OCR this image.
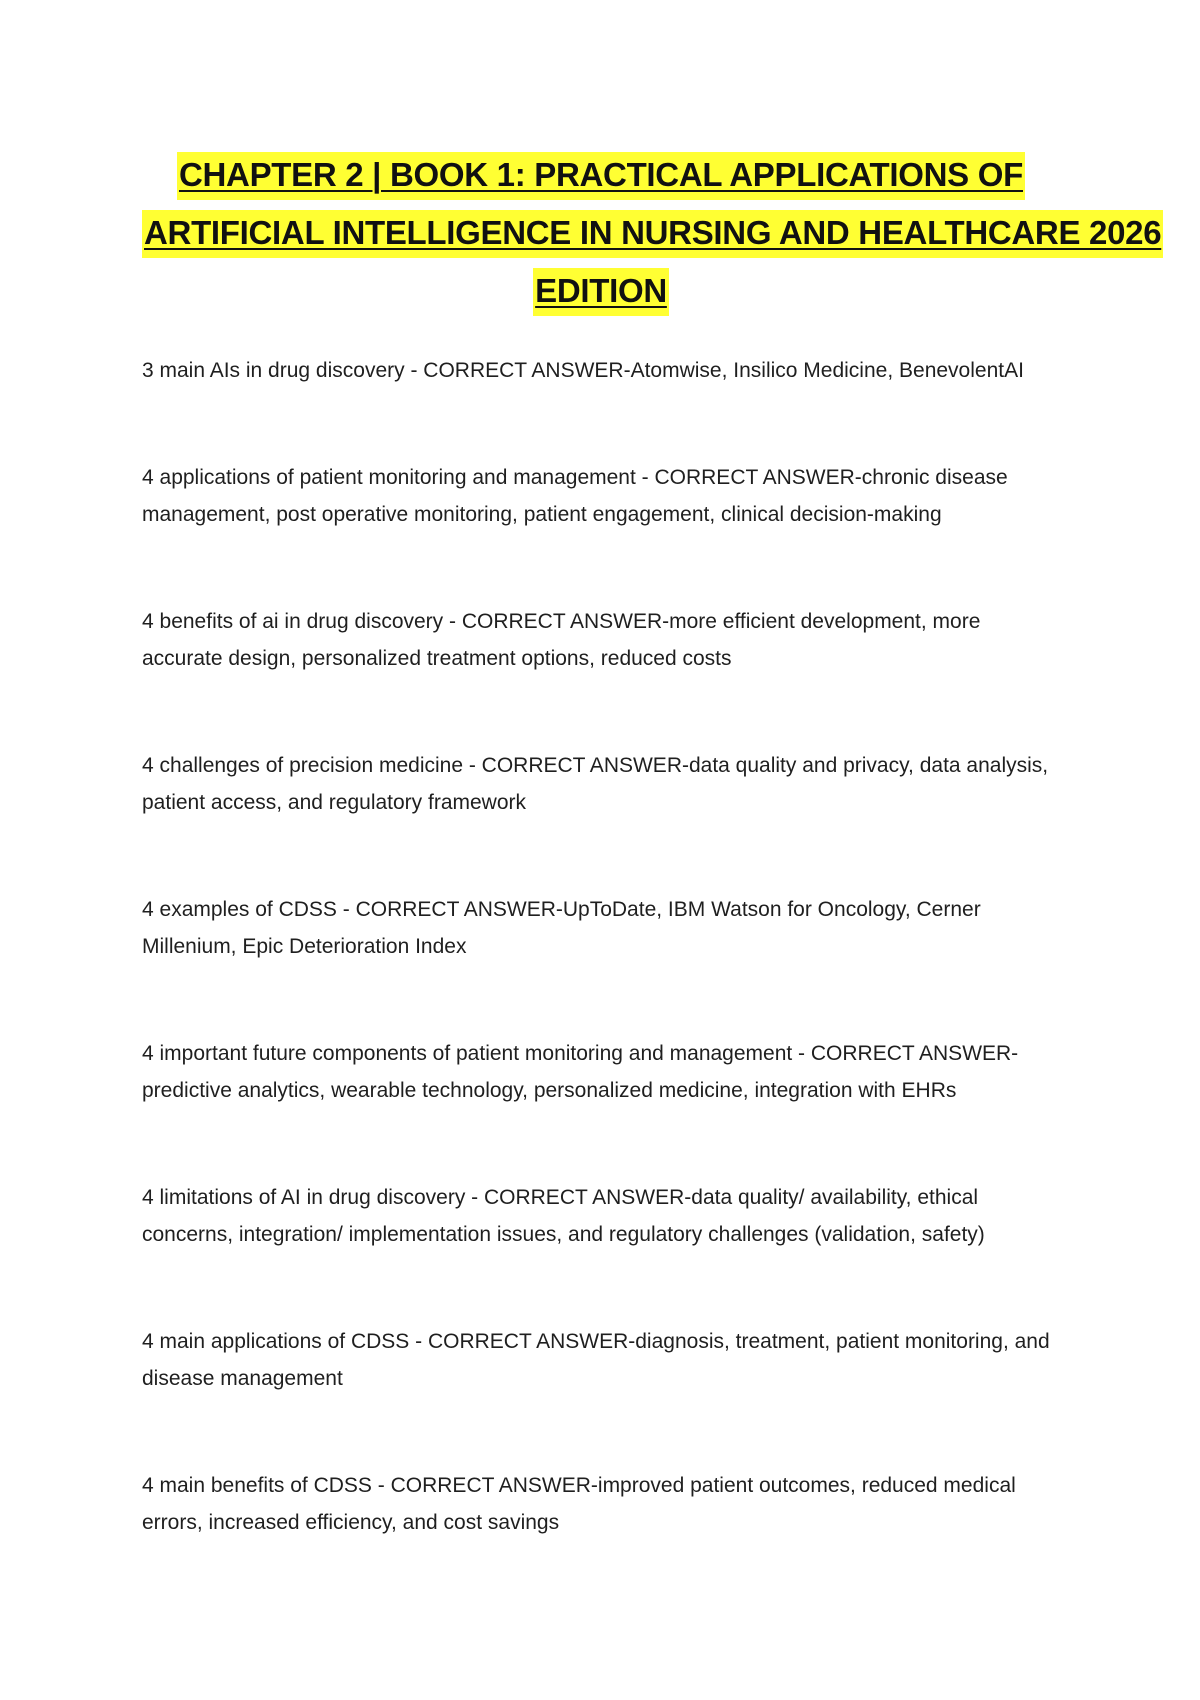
CHAPTER 2 | BOOK 1: PRACTICAL APPLICATIONS OF
ARTIFICIAL INTELLIGENCE IN NURSING AND HEALTHCARE 2026
EDITION

3 main AIs in drug discovery - CORRECT ANSWER-Atomwise, Insilico Medicine, BenevolentAI

4 applications of patient monitoring and management - CORRECT ANSWER-chronic disease management, post operative monitoring, patient engagement, clinical decision-making

4 benefits of ai in drug discovery - CORRECT ANSWER-more efficient development, more accurate design, personalized treatment options, reduced costs

4 challenges of precision medicine - CORRECT ANSWER-data quality and privacy, data analysis, patient access, and regulatory framework

4 examples of CDSS - CORRECT ANSWER-UpToDate, IBM Watson for Oncology, Cerner Millenium, Epic Deterioration Index

4 important future components of patient monitoring and management - CORRECT ANSWER-predictive analytics, wearable technology, personalized medicine, integration with EHRs

4 limitations of AI in drug discovery - CORRECT ANSWER-data quality/ availability, ethical concerns, integration/ implementation issues, and regulatory challenges (validation, safety)

4 main applications of CDSS - CORRECT ANSWER-diagnosis, treatment, patient monitoring, and disease management

4 main benefits of CDSS - CORRECT ANSWER-improved patient outcomes, reduced medical errors, increased efficiency, and cost savings
